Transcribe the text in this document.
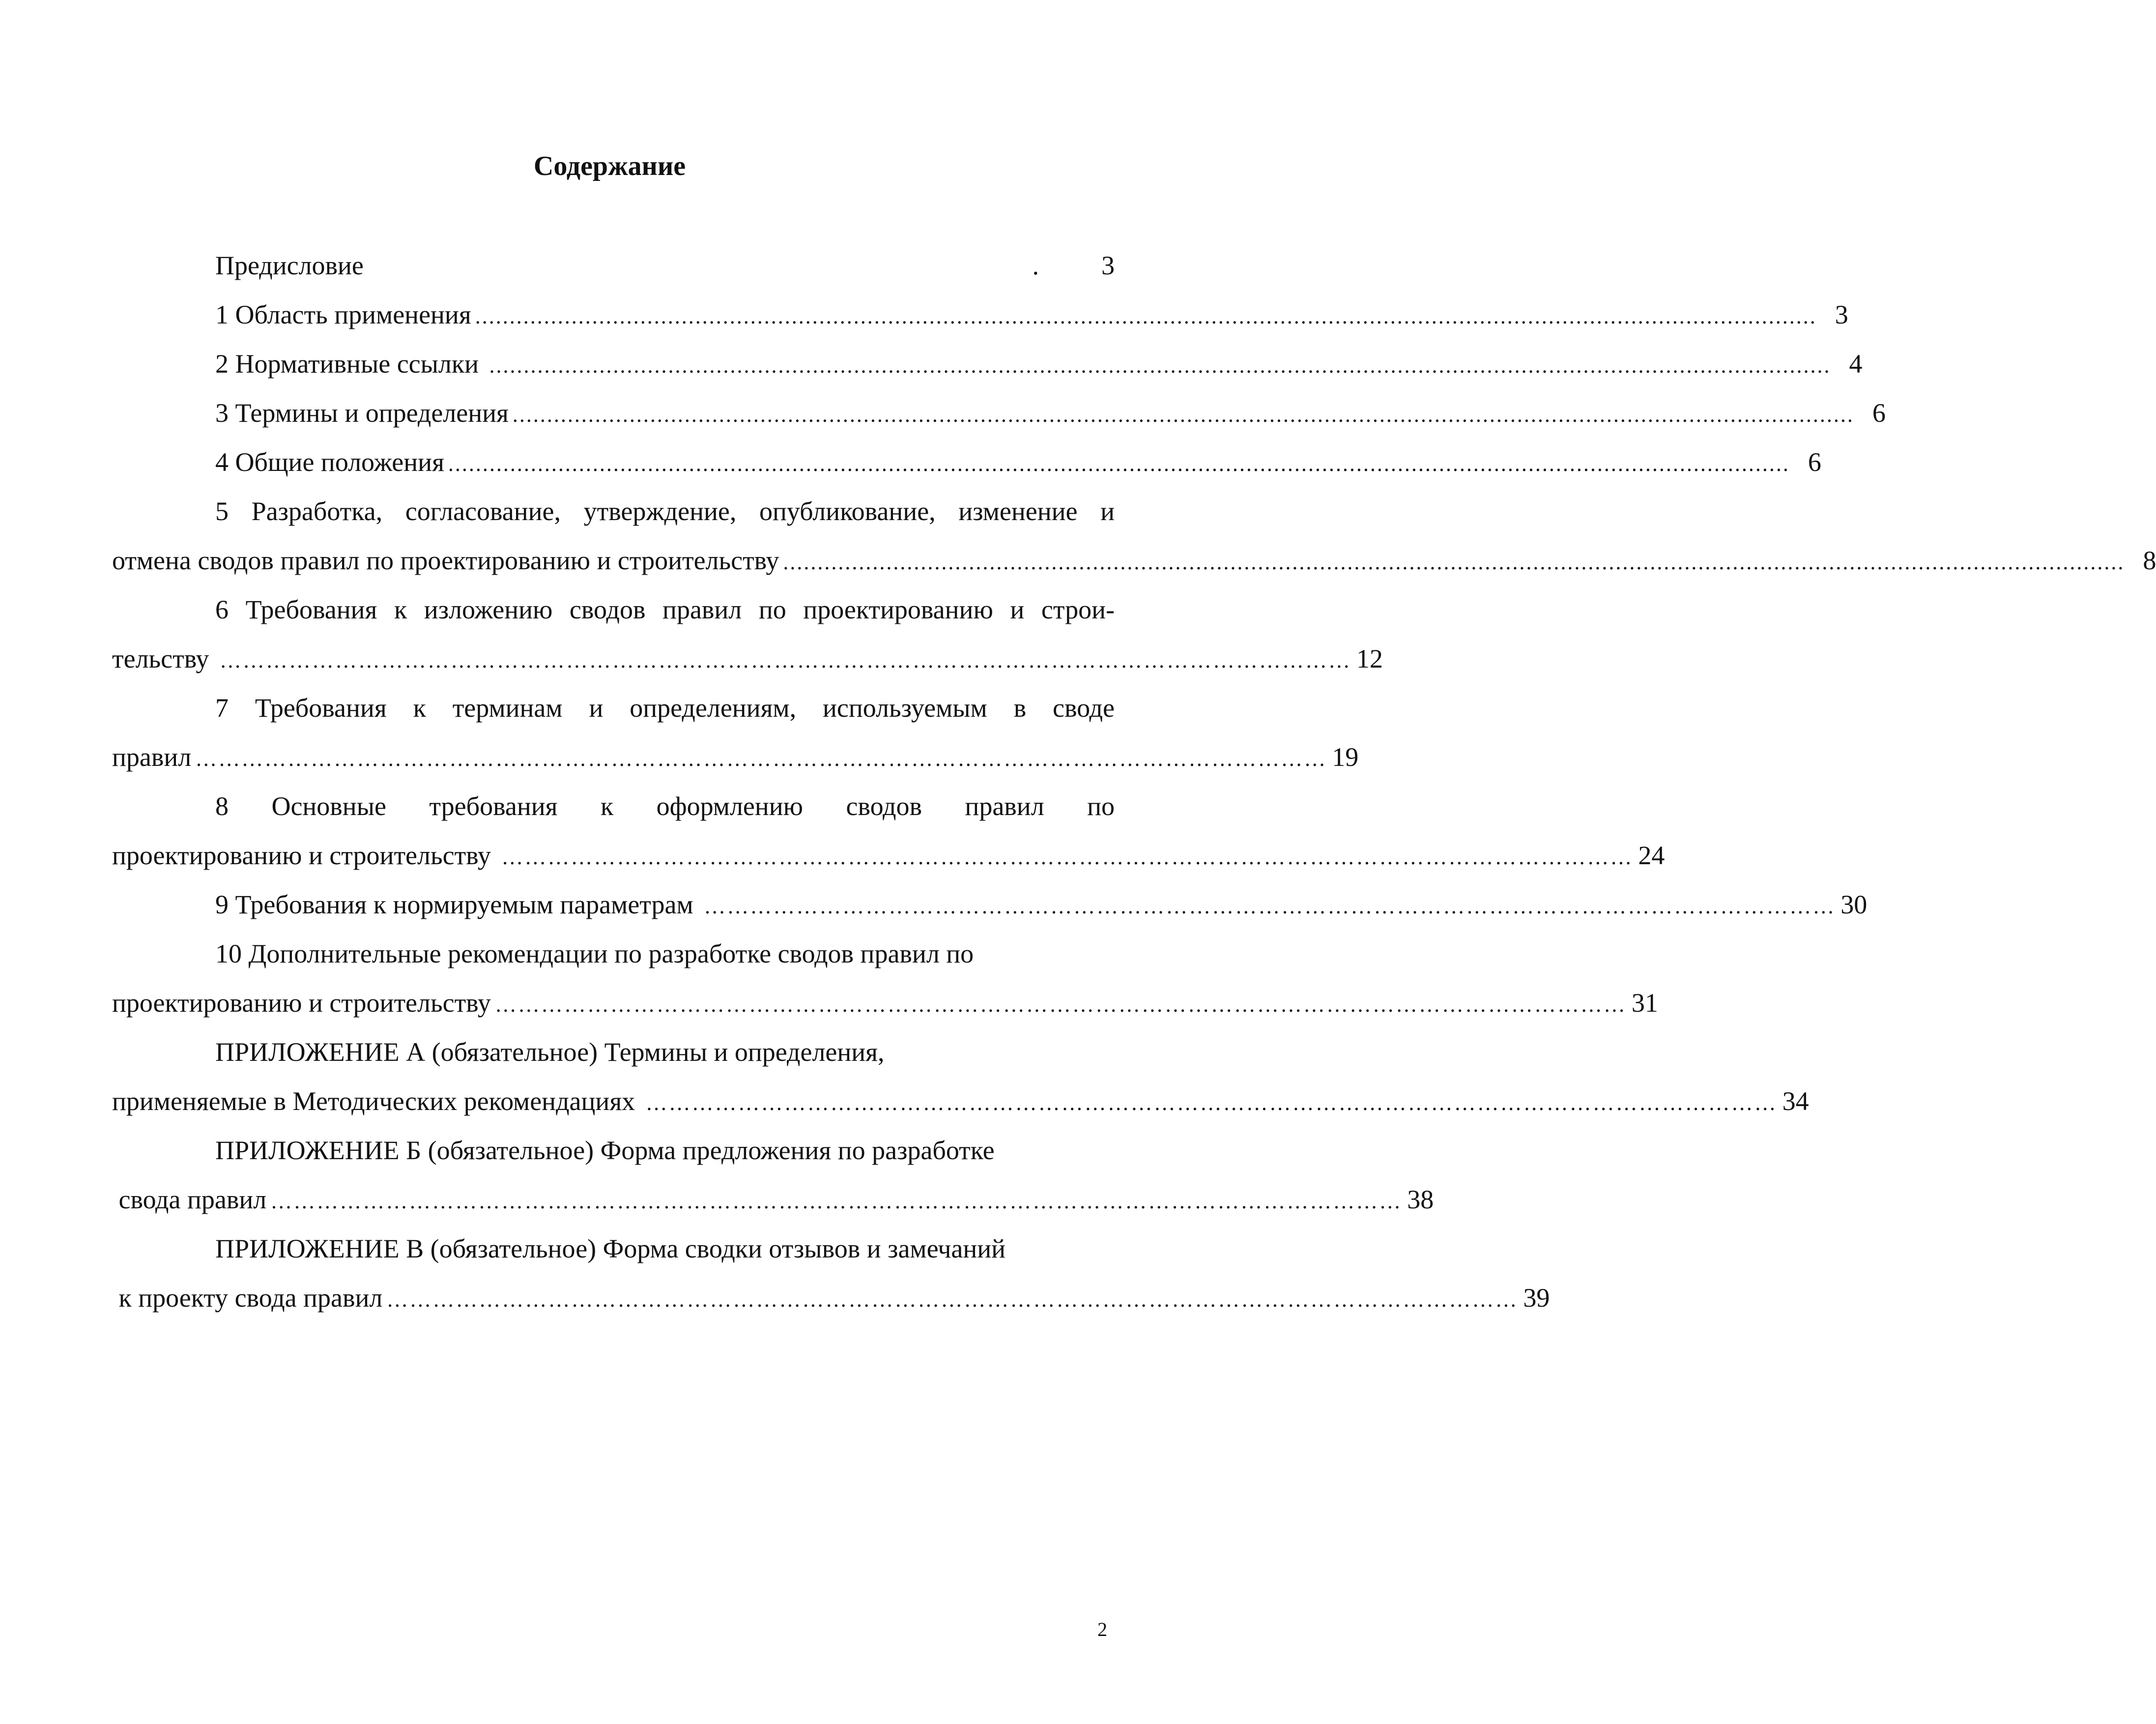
Содержание
Предисловие	.	3
1 Область применения ................................................................................................................................................................................................... 3
2 Нормативные ссылки ................................................................................................................................................................................................... 4
3 Термины и определения ................................................................................................................................................................................................... 6
4 Общие положения ................................................................................................................................................................................................... 6
5 Разработка, согласование, утверждение, опубликование, изменение и
отмена сводов правил по проектированию и строительству ................................................................................................................................................................................................... 8
6 Требования к изложению сводов правил по проектированию и строи-
тельству ………………………………………………………………………………………………………………………………… 12
7 Требования к терминам и определениям, используемым в своде
правил ………………………………………………………………………………………………………………………………… 19
8 Основные требования к оформлению сводов правил по
проектированию и строительству ………………………………………………………………………………………………………………………………… 24
9 Требования к нормируемым параметрам ………………………………………………………………………………………………………………………………… 30
10 Дополнительные рекомендации по разработке сводов правил по
проектированию и строительству ………………………………………………………………………………………………………………………………… 31
ПРИЛОЖЕНИЕ А (обязательное) Термины и определения,
применяемые в Методических рекомендациях ………………………………………………………………………………………………………………………………… 34
ПРИЛОЖЕНИЕ Б (обязательное) Форма предложения по разработке
свода правил ………………………………………………………………………………………………………………………………… 38
ПРИЛОЖЕНИЕ В (обязательное) Форма сводки отзывов и замечаний
к проекту свода правил ………………………………………………………………………………………………………………………………… 39
2
